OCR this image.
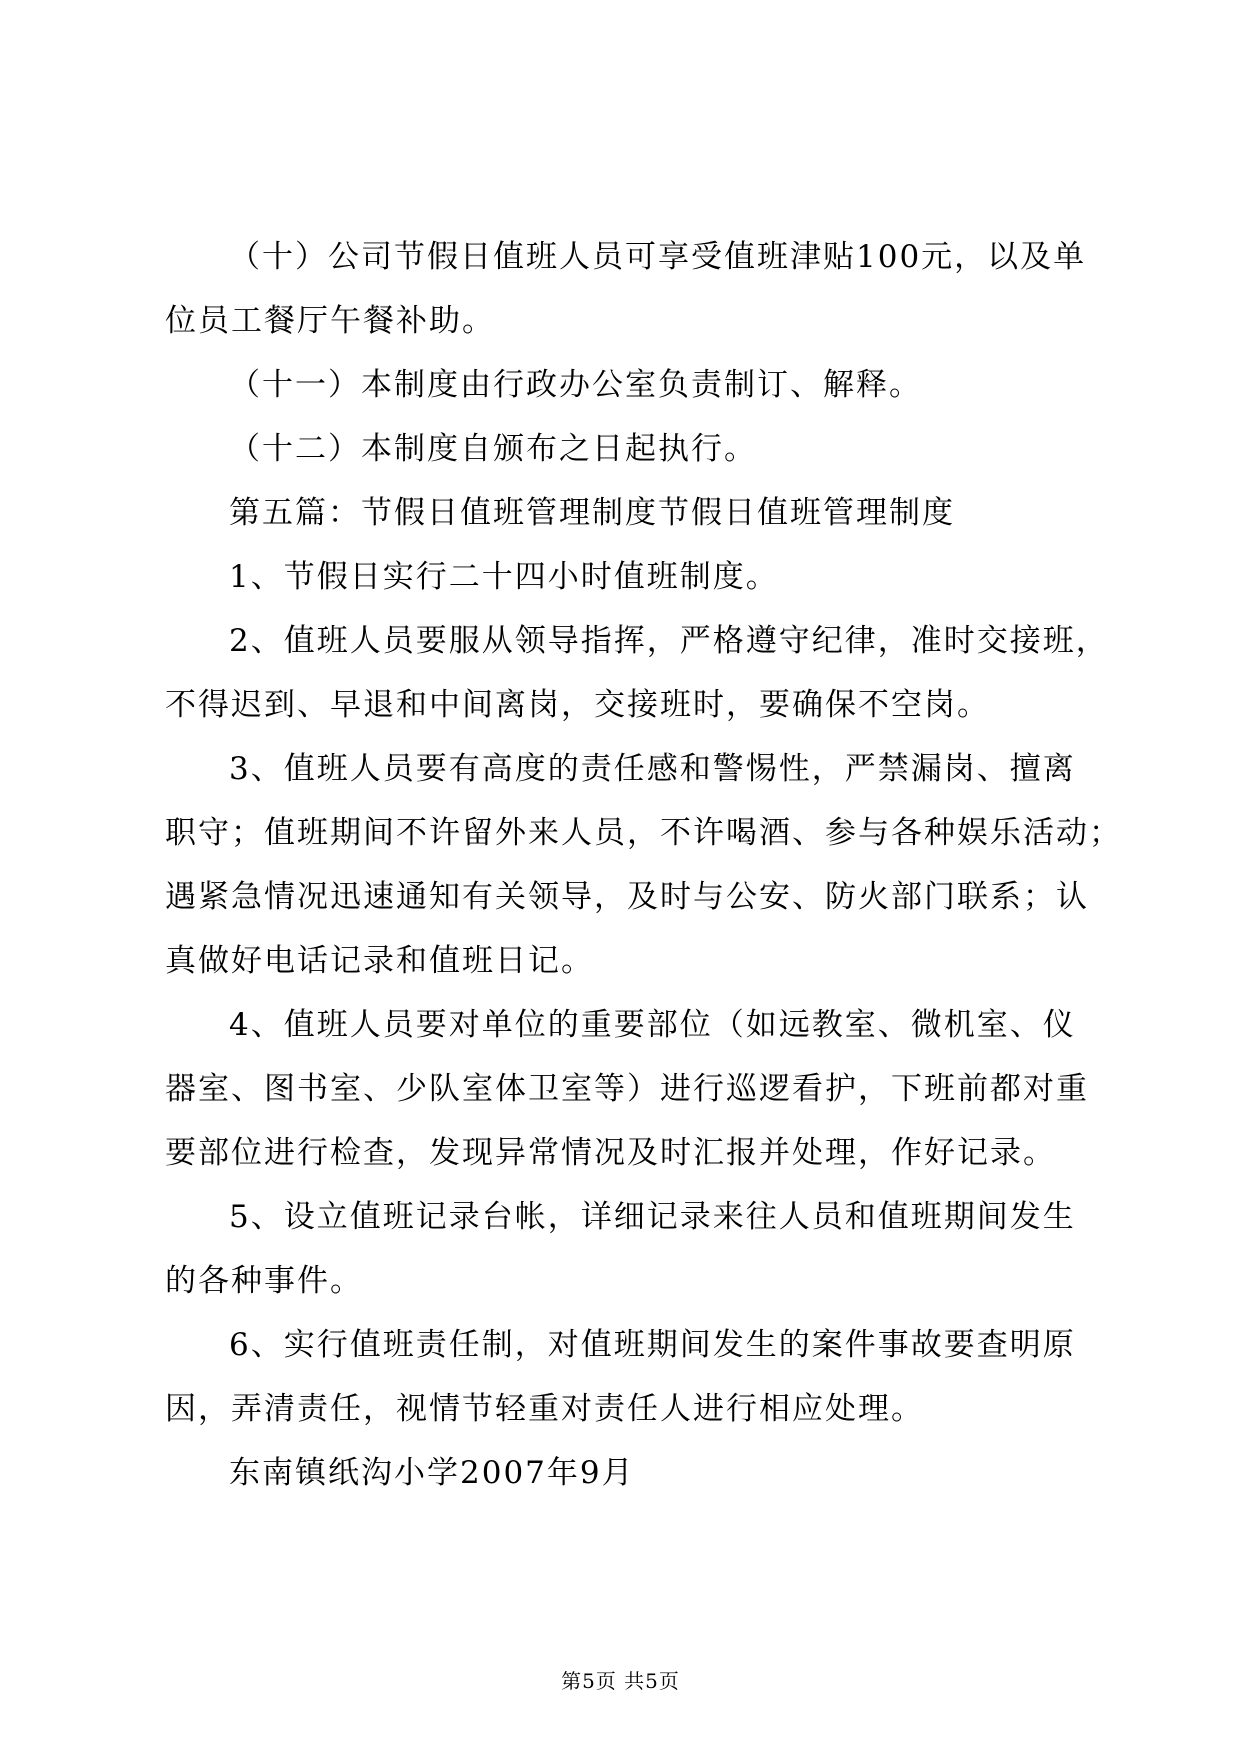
（十）公司节假日值班人员可享受值班津贴100元，以及单
位员工餐厅午餐补助。
（十一）本制度由行政办公室负责制订、解释。
（十二）本制度自颁布之日起执行。
第五篇：节假日值班管理制度节假日值班管理制度
1、节假日实行二十四小时值班制度。
2、值班人员要服从领导指挥，严格遵守纪律，准时交接班，
不得迟到、早退和中间离岗，交接班时，要确保不空岗。
3、值班人员要有高度的责任感和警惕性，严禁漏岗、擅离
职守；值班期间不许留外来人员，不许喝酒、参与各种娱乐活动；
遇紧急情况迅速通知有关领导，及时与公安、防火部门联系；认
真做好电话记录和值班日记。
4、值班人员要对单位的重要部位（如远教室、微机室、仪
器室、图书室、少队室体卫室等）进行巡逻看护，下班前都对重
要部位进行检查，发现异常情况及时汇报并处理，作好记录。
5、设立值班记录台帐，详细记录来往人员和值班期间发生
的各种事件。
6、实行值班责任制，对值班期间发生的案件事故要查明原
因，弄清责任，视情节轻重对责任人进行相应处理。
东南镇纸沟小学2007年9月
第5页 共5页
